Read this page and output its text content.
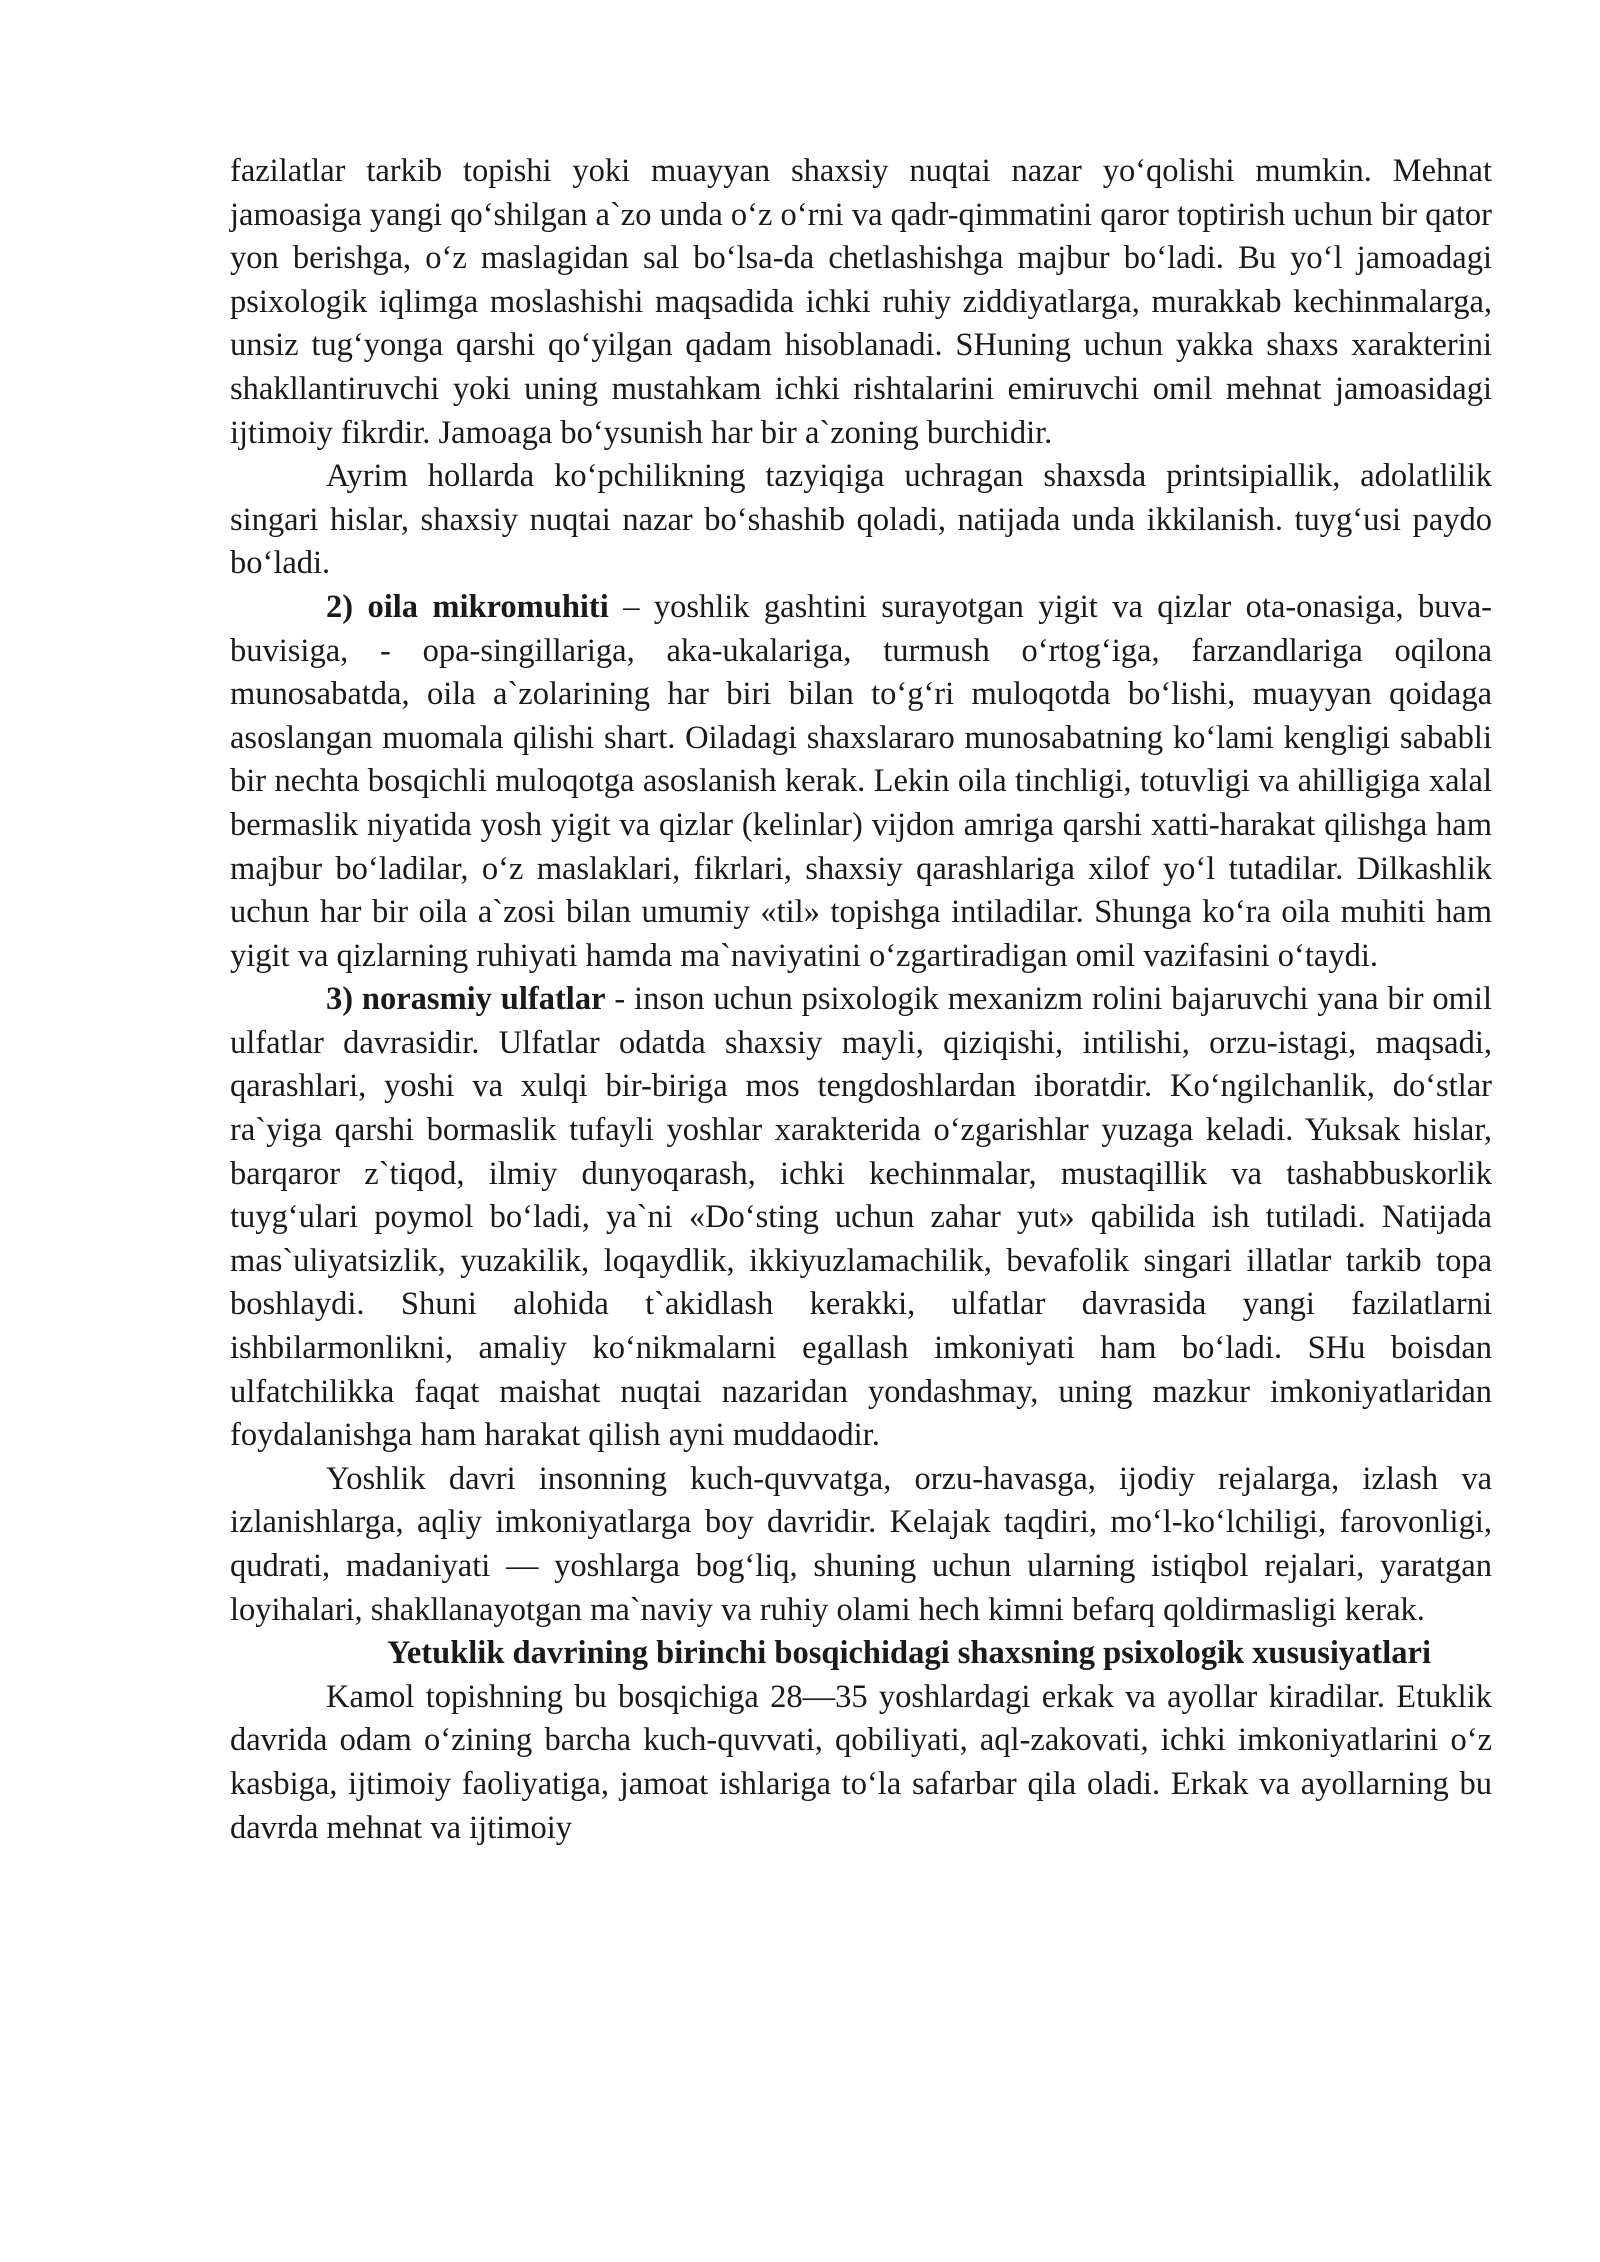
fazilatlar tarkib topishi yoki muayyan shaxsiy nuqtai nazar yo‘qolishi mumkin. Mehnat jamoasiga yangi qo‘shilgan a`zo unda o‘z o‘rni va qadr-qimmatini qaror toptirish uchun bir qator yon berishga, o‘z maslagidan sal bo‘lsa-da chetlashishga majbur bo‘ladi. Bu yo‘l jamoadagi psixologik iqlimga moslashishi maqsadida ichki ruhiy ziddiyatlarga, murakkab kechinmalarga, unsiz tug‘yonga qarshi qo‘yilgan qadam hisoblanadi. SHuning uchun yakka shaxs xarakterini shakllantiruvchi yoki uning mustahkam ichki rishtalarini emiruvchi omil mehnat jamoasidagi ijtimoiy fikrdir. Jamoaga bo‘ysunish har bir a`zoning burchidir.

Ayrim hollarda ko‘pchilikning tazyiqiga uchragan shaxsda printsipiallik, adolatlilik singari hislar, shaxsiy nuqtai nazar bo‘shashib qoladi, natijada unda ikkilanish. tuyg‘usi paydo bo‘ladi.

2) oila mikromuhiti – yoshlik gashtini surayotgan yigit va qizlar ota-onasiga, buva-buvisiga, - opa-singillariga, aka-ukalariga, turmush o‘rtog‘iga, farzandlariga oqilona munosabatda, oila a`zolarining har biri bilan to‘g‘ri muloqotda bo‘lishi, muayyan qoidaga asoslangan muomala qilishi shart. Oiladagi shaxslararo munosabatning ko‘lami kengligi sababli bir nechta bosqichli muloqotga asoslanish kerak. Lekin oila tinchligi, totuvligi va ahilligiga xalal bermaslik niyatida yosh yigit va qizlar (kelinlar) vijdon amriga qarshi xatti-harakat qilishga ham majbur bo‘ladilar, o‘z maslaklari, fikrlari, shaxsiy qarashlariga xilof yo‘l tutadilar. Dilkashlik uchun har bir oila a`zosi bilan umumiy «til» topishga intiladilar. Shunga ko‘ra oila muhiti ham yigit va qizlarning ruhiyati hamda ma`naviyatini o‘zgartiradigan omil vazifasini o‘taydi.

3) norasmiy ulfatlar - inson uchun psixologik mexanizm rolini bajaruvchi yana bir omil ulfatlar davrasidir. Ulfatlar odatda shaxsiy mayli, qiziqishi, intilishi, orzu-istagi, maqsadi, qarashlari, yoshi va xulqi bir-biriga mos tengdoshlardan iboratdir. Ko‘ngilchanlik, do‘stlar ra`yiga qarshi bormaslik tufayli yoshlar xarakterida o‘zgarishlar yuzaga keladi. Yuksak hislar, barqaror z`tiqod, ilmiy dunyoqarash, ichki kechinmalar, mustaqillik va tashabbuskorlik tuyg‘ulari poymol bo‘ladi, ya`ni «Do‘sting uchun zahar yut» qabilida ish tutiladi. Natijada mas`uliyatsizlik, yuzakilik, loqaydlik, ikkiyuzlamachilik, bevafolik singari illatlar tarkib topa boshlaydi. Shuni alohida t`akidlash kerakki, ulfatlar davrasida yangi fazilatlarni ishbilarmonlikni, amaliy ko‘nikmalarni egallash imkoniyati ham bo‘ladi. SHu boisdan ulfatchilikka faqat maishat nuqtai nazaridan yondashmay, uning mazkur imkoniyatlaridan foydalanishga ham harakat qilish ayni muddaodir.

Yoshlik davri insonning kuch-quvvatga, orzu-havasga, ijodiy rejalarga, izlash va izlanishlarga, aqliy imkoniyatlarga boy davridir. Kelajak taqdiri, mo‘l-ko‘lchiligi, farovonligi, qudrati, madaniyati — yoshlarga bog‘liq, shuning uchun ularning istiqbol rejalari, yaratgan loyihalari, shakllanayotgan ma`naviy va ruhiy olami hech kimni befarq qoldirmasligi kerak.

Yetuklik davrining birinchi bosqichidagi shaxsning psixologik xususiyatlari

Kamol topishning bu bosqichiga 28—35 yoshlardagi erkak va ayollar kiradilar. Etuklik davrida odam o‘zining barcha kuch-quvvati, qobiliyati, aql-zakovati, ichki imkoniyatlarini o‘z kasbiga, ijtimoiy faoliyatiga, jamoat ishlariga to‘la safarbar qila oladi. Erkak va ayollarning bu davrda mehnat va ijtimoiy
